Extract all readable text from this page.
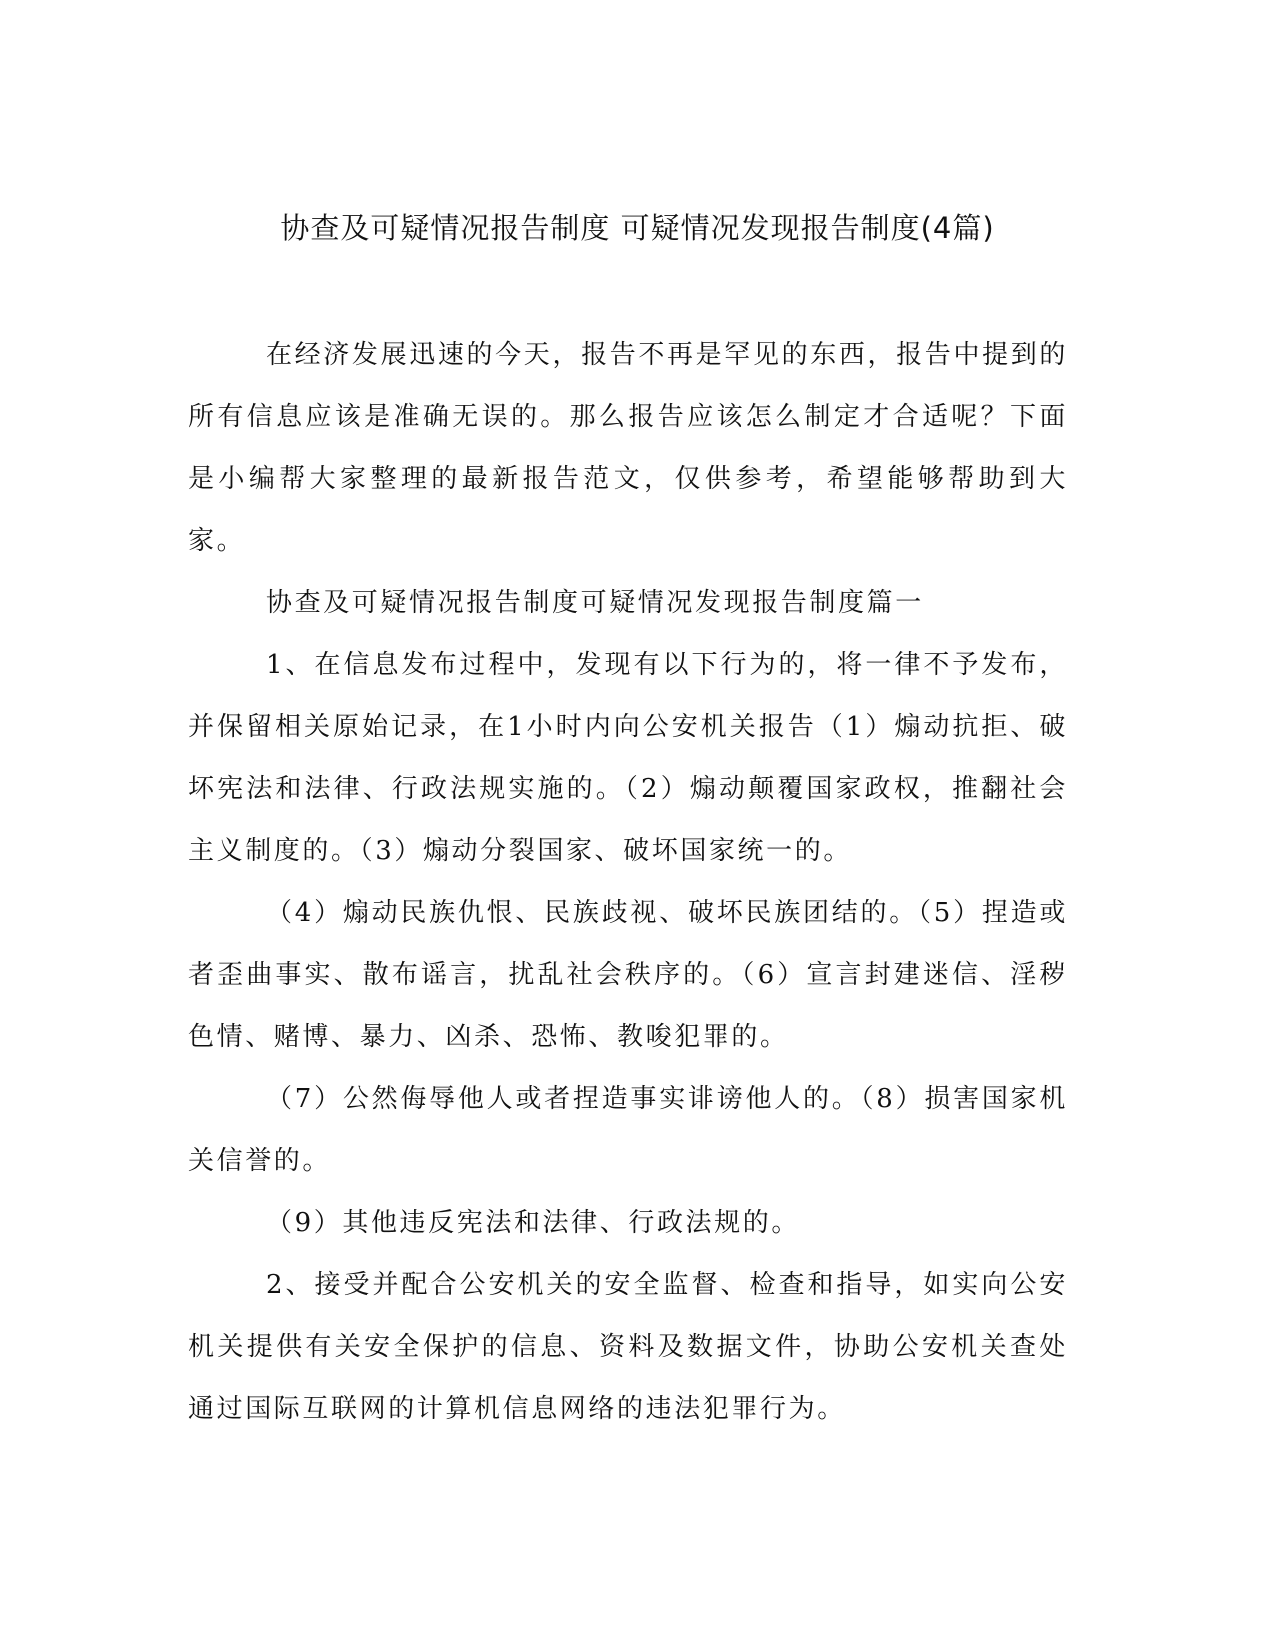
协查及可疑情况报告制度 可疑情况发现报告制度(4篇)

在经济发展迅速的今天，报告不再是罕见的东西，报告中提到的所有信息应该是准确无误的。那么报告应该怎么制定才合适呢？下面是小编帮大家整理的最新报告范文，仅供参考，希望能够帮助到大家。

协查及可疑情况报告制度可疑情况发现报告制度篇一

1、在信息发布过程中，发现有以下行为的，将一律不予发布，并保留相关原始记录，在1小时内向公安机关报告（1）煽动抗拒、破坏宪法和法律、行政法规实施的。（2）煽动颠覆国家政权，推翻社会主义制度的。（3）煽动分裂国家、破坏国家统一的。

（4）煽动民族仇恨、民族歧视、破坏民族团结的。（5）捏造或者歪曲事实、散布谣言，扰乱社会秩序的。（6）宣言封建迷信、淫秽色情、赌博、暴力、凶杀、恐怖、教唆犯罪的。

（7）公然侮辱他人或者捏造事实诽谤他人的。（8）损害国家机关信誉的。

（9）其他违反宪法和法律、行政法规的。

2、接受并配合公安机关的安全监督、检查和指导，如实向公安机关提供有关安全保护的信息、资料及数据文件，协助公安机关查处通过国际互联网的计算机信息网络的违法犯罪行为。
